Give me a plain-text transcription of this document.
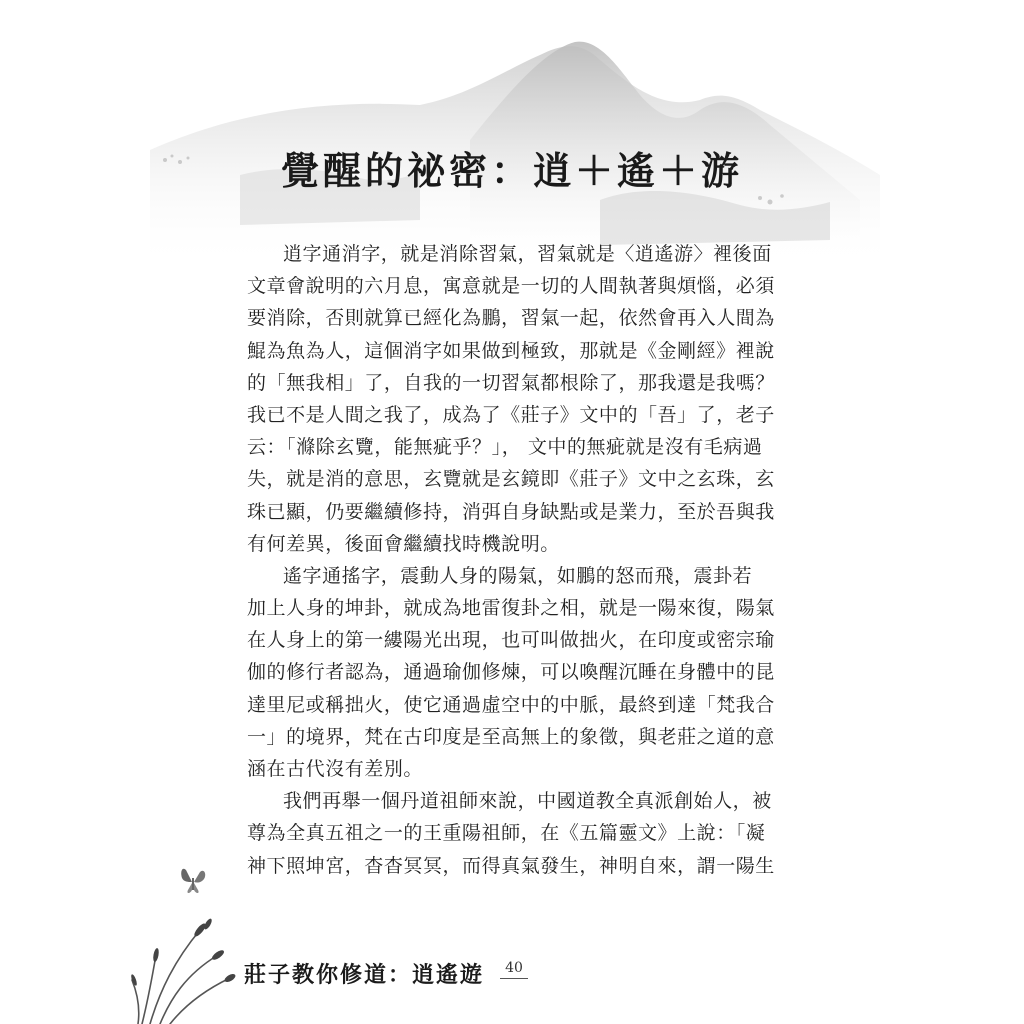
覺醒的祕密：逍＋遙＋游
逍字通消字，就是消除習氣，習氣就是〈逍遙游〉裡後面
文章會說明的六月息，寓意就是一切的人間執著與煩惱，必須
要消除，否則就算已經化為鵬，習氣一起，依然會再入人間為
鯤為魚為人，這個消字如果做到極致，那就是《金剛經》裡說
的「無我相」了，自我的一切習氣都根除了，那我還是我嗎？
我已不是人間之我了，成為了《莊子》文中的「吾」了，老子
云：「滌除玄覽，能無疵乎？」， 文中的無疵就是沒有毛病過
失，就是消的意思，玄覽就是玄鏡即《莊子》文中之玄珠，玄
珠已顯，仍要繼續修持，消弭自身缺點或是業力，至於吾與我
有何差異，後面會繼續找時機說明。
遙字通搖字，震動人身的陽氣，如鵬的怒而飛，震卦若
加上人身的坤卦，就成為地雷復卦之相，就是一陽來復，陽氣
在人身上的第一縷陽光出現，也可叫做拙火，在印度或密宗瑜
伽的修行者認為，通過瑜伽修煉，可以喚醒沉睡在身體中的昆
達里尼或稱拙火，使它通過虛空中的中脈，最終到達「梵我合
一」的境界，梵在古印度是至高無上的象徵，與老莊之道的意
涵在古代沒有差別。
我們再舉一個丹道祖師來說，中國道教全真派創始人，被
尊為全真五祖之一的王重陽祖師，在《五篇靈文》上說：「凝
神下照坤宮，杳杳冥冥，而得真氣發生，神明自來，謂一陽生
莊子教你修道：逍遙遊	40
